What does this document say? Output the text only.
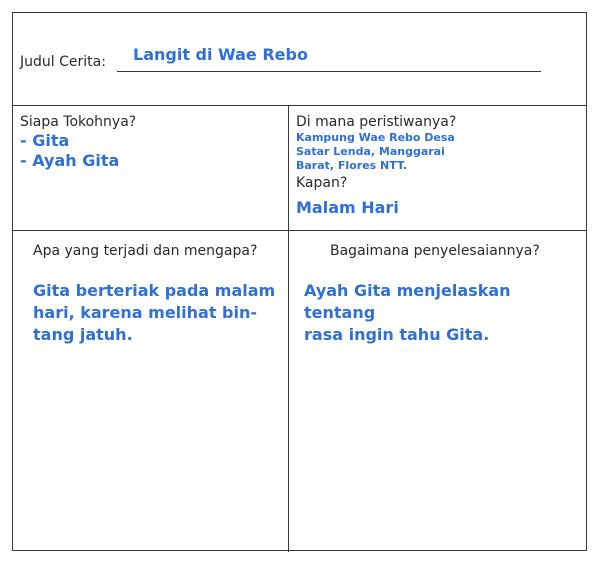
Judul Cerita: Langit di Wae Rebo
Siapa Tokohnya?
- Gita
- Ayah Gita
Di mana peristiwanya?
Kampung Wae Rebo Desa
Satar Lenda, Manggarai
Barat, Flores NTT.
Kapan?
Malam Hari
Apa yang terjadi dan mengapa?
Gita berteriak pada malam
hari, karena melihat bin-
tang jatuh.
Bagaimana penyelesaiannya?
Ayah Gita menjelaskan tentang
rasa ingin tahu Gita.
